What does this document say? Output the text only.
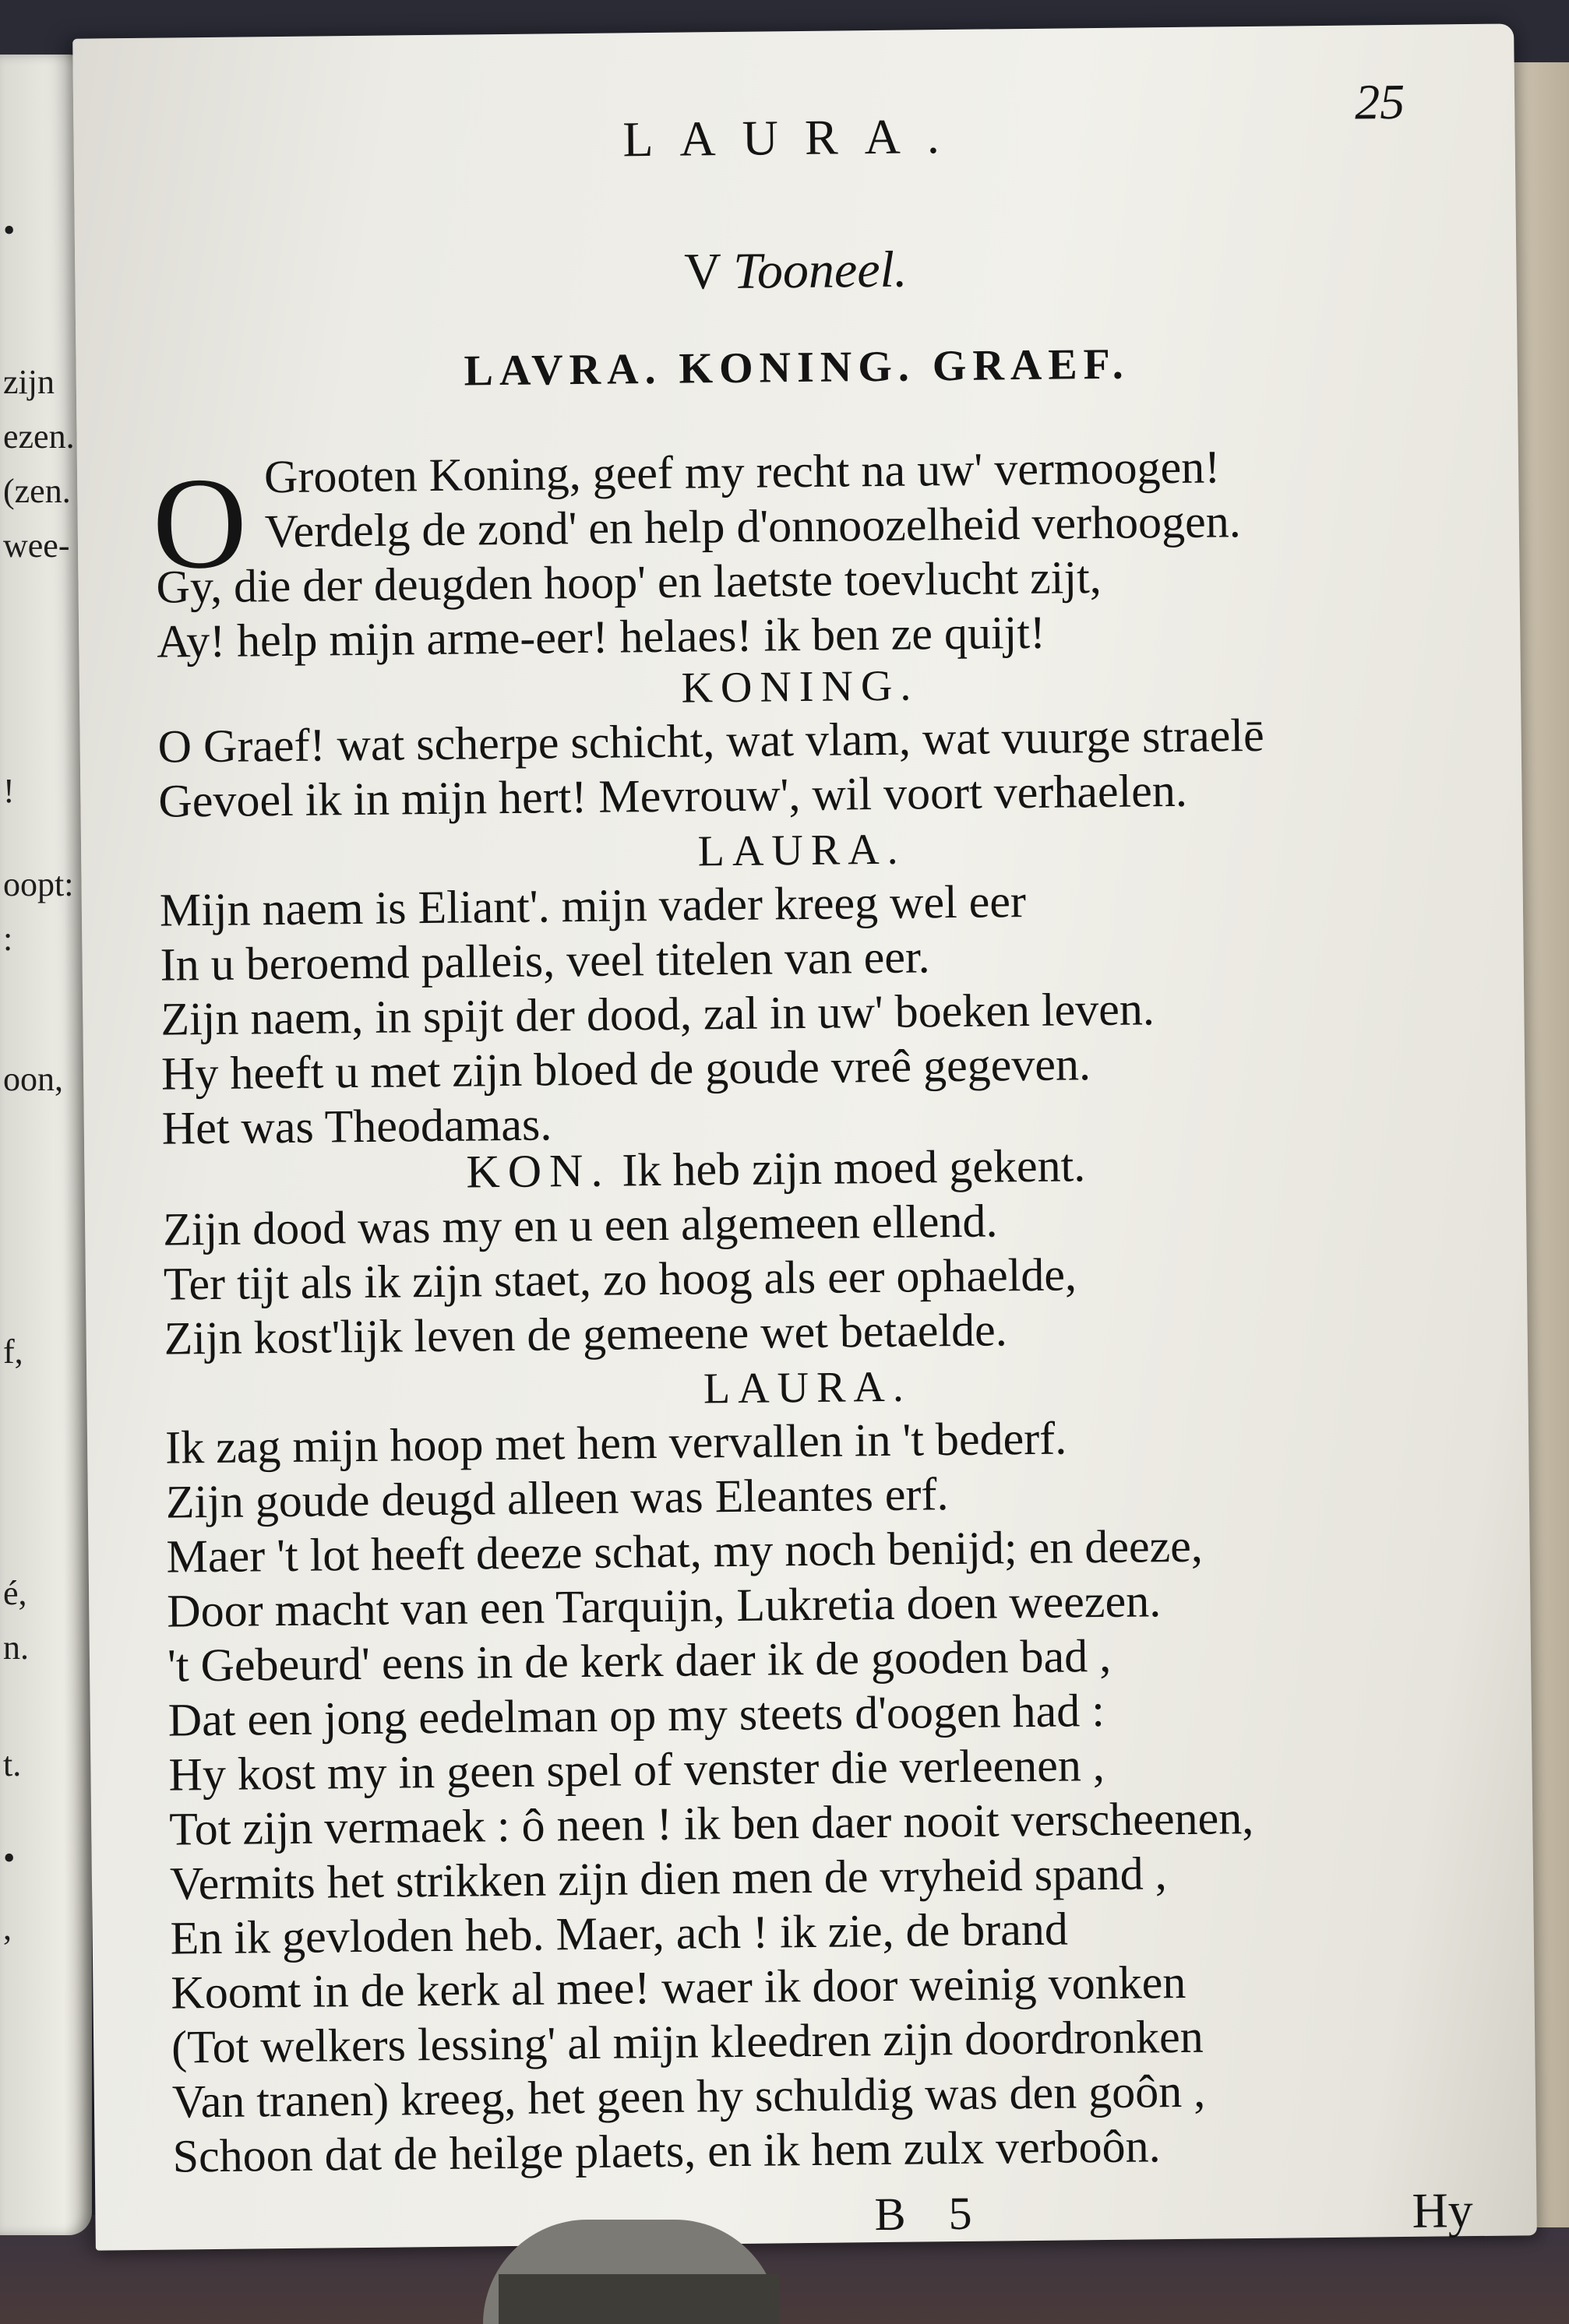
•
zijn
ezen.
(zen.
wee-
!
oopt:
:
oon,
f,
é,
n.
t.
•
,
LAURA.
25
V Tooneel.
LAVRA. KONING. GRAEF.
O Grooten Koning, geef my recht na uw' vermoogen!
Verdelg de zond' en help d'onnoozelheid verhoogen.
Gy, die der deugden hoop' en laetste toevlucht zijt,
Ay! help mijn arme-eer! helaes! ik ben ze quijt!
KONING.
O Graef! wat scherpe schicht, wat vlam, wat vuurge straelē
Gevoel ik in mijn hert! Mevrouw', wil voort verhaelen.
LAURA.
Mijn naem is Eliant'. mijn vader kreeg wel eer
In u beroemd palleis, veel titelen van eer.
Zijn naem, in spijt der dood, zal in uw' boeken leven.
Hy heeft u met zijn bloed de goude vreê gegeven.
Het was Theodamas.
KON. Ik heb zijn moed gekent.
Zijn dood was my en u een algemeen ellend.
Ter tijt als ik zijn staet, zo hoog als eer ophaelde,
Zijn kost'lijk leven de gemeene wet betaelde.
LAURA.
Ik zag mijn hoop met hem vervallen in 't bederf.
Zijn goude deugd alleen was Eleantes erf.
Maer 't lot heeft deeze schat, my noch benijd; en deeze,
Door macht van een Tarquijn, Lukretia doen weezen.
't Gebeurd' eens in de kerk daer ik de gooden bad ,
Dat een jong eedelman op my steets d'oogen had :
Hy kost my in geen spel of venster die verleenen ,
Tot zijn vermaek : ô neen ! ik ben daer nooit verscheenen,
Vermits het strikken zijn dien men de vryheid spand ,
En ik gevloden heb. Maer, ach ! ik zie, de brand
Koomt in de kerk al mee! waer ik door weinig vonken
(Tot welkers lessing' al mijn kleedren zijn doordronken
Van tranen) kreeg, het geen hy schuldig was den goôn ,
Schoon dat de heilge plaets, en ik hem zulx verboôn.
B 5	Hy
